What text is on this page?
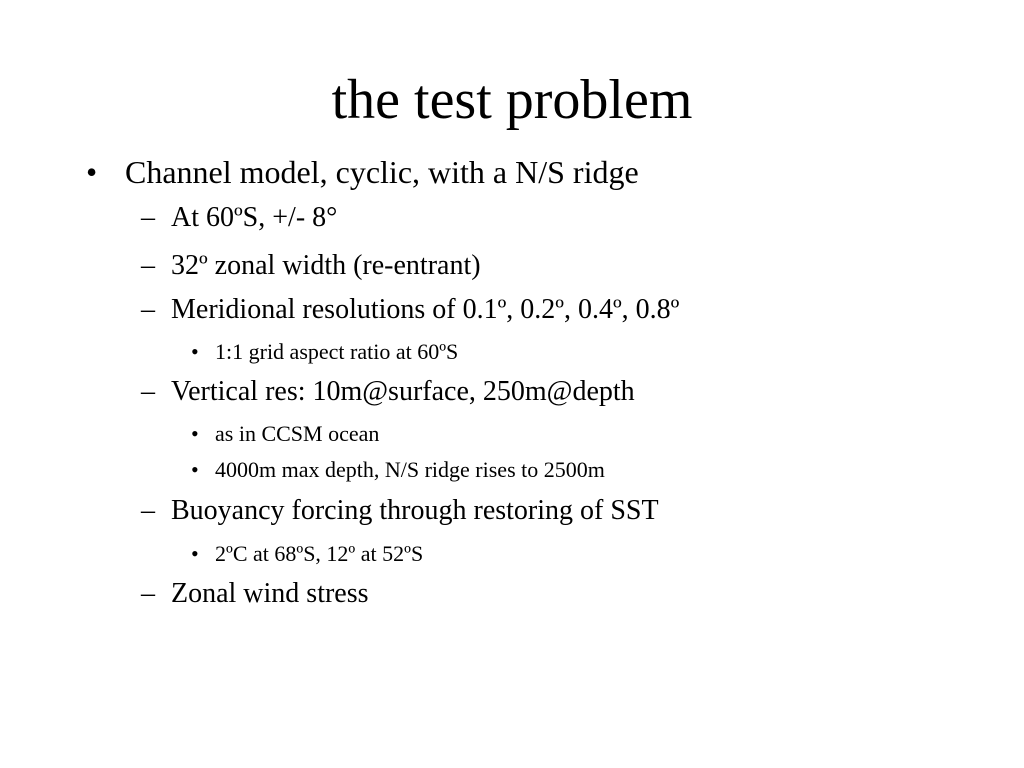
the test problem
• Channel model, cyclic, with a N/S ridge
– At 60ºS, +/- 8°
– 32º zonal width (re-entrant)
– Meridional resolutions of 0.1º, 0.2º, 0.4º, 0.8º
• 1:1 grid aspect ratio at 60ºS
– Vertical res: 10m@surface, 250m@depth
• as in CCSM ocean
• 4000m max depth, N/S ridge rises to 2500m
– Buoyancy forcing through restoring of SST
• 2ºC at 68ºS, 12º at 52ºS
– Zonal wind stress
